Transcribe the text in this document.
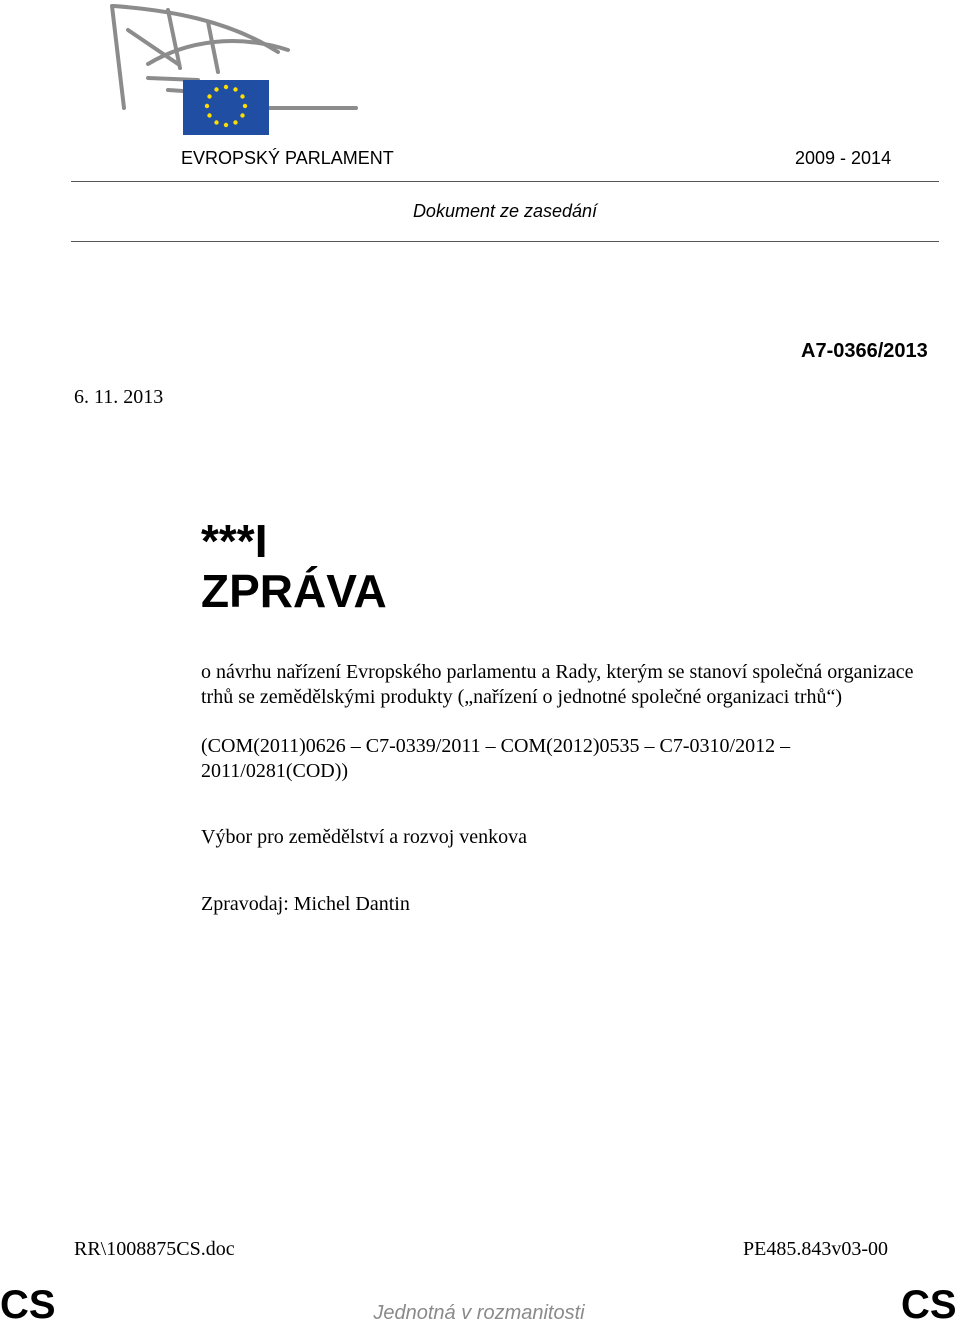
EVROPSKÝ PARLAMENT	2009 - 2014
Dokument ze zasedání
A7-0366/2013
6. 11. 2013
***I
ZPRÁVA
o návrhu nařízení Evropského parlamentu a Rady, kterým se stanoví společná organizace trhů se zemědělskými produkty („nařízení o jednotné společné organizaci trhů“)
(COM(2011)0626 – C7-0339/2011 – COM(2012)0535 – C7-0310/2012 – 2011/0281(COD))
Výbor pro zemědělství a rozvoj venkova
Zpravodaj: Michel Dantin
RR\1008875CS.doc	PE485.843v03-00
CS	Jednotná v rozmanitosti	CS
